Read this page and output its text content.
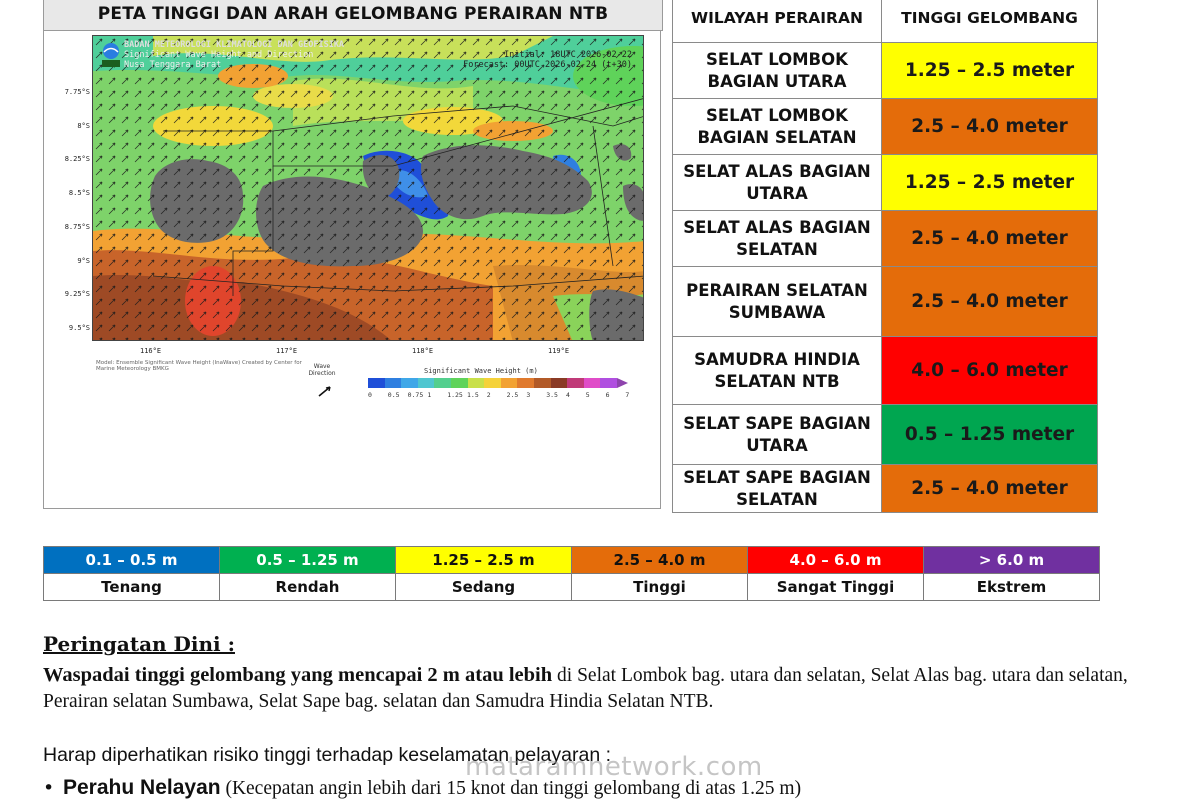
PETA TINGGI DAN ARAH GELOMBANG PERAIRAN NTB
BADAN METEOROLOGI KLIMATOLOGI DAN GEOFISIKA
Significant Wave Height and Direction
Nusa Tenggara Barat
Initial: 18UTC 2026-02-22
Forecast: 00UTC 2026-02-24 (t+30)
7.75°S
8°S
8.25°S
8.5°S
8.75°S
9°S
9.25°S
9.5°S
116°E	117°E	118°E	119°E
Model: Ensemble Significant Wave Height (InaWave) Created by Center for Marine Meteorology BMKG	Wave Direction	Significant Wave Height (m)
0 0.5 0.75 1 1.25 1.5 2 2.5 3 3.5 4 5 6 7
WILAYAH PERAIRAN	TINGGI GELOMBANG
SELAT LOMBOK BAGIAN UTARA	1.25 – 2.5 meter
SELAT LOMBOK BAGIAN SELATAN	2.5 – 4.0 meter
SELAT ALAS BAGIAN UTARA	1.25 – 2.5 meter
SELAT ALAS BAGIAN SELATAN	2.5 – 4.0 meter
PERAIRAN SELATAN SUMBAWA	2.5 – 4.0 meter
SAMUDRA HINDIA SELATAN NTB	4.0 – 6.0 meter
SELAT SAPE BAGIAN UTARA	0.5 – 1.25 meter
SELAT SAPE BAGIAN SELATAN	2.5 – 4.0 meter
0.1 – 0.5 m	0.5 – 1.25 m	1.25 – 2.5 m	2.5 – 4.0 m	4.0 – 6.0 m	> 6.0 m
Tenang	Rendah	Sedang	Tinggi	Sangat Tinggi	Ekstrem
Peringatan Dini :
Waspadai tinggi gelombang yang mencapai 2 m atau lebih di Selat Lombok bag. utara dan selatan, Selat Alas bag. utara dan selatan, Perairan selatan Sumbawa, Selat Sape bag. selatan dan Samudra Hindia Selatan NTB.
Harap diperhatikan risiko tinggi terhadap keselamatan pelayaran :
• Perahu Nelayan (Kecepatan angin lebih dari 15 knot dan tinggi gelombang di atas 1.25 m)
mataramnetwork.com
